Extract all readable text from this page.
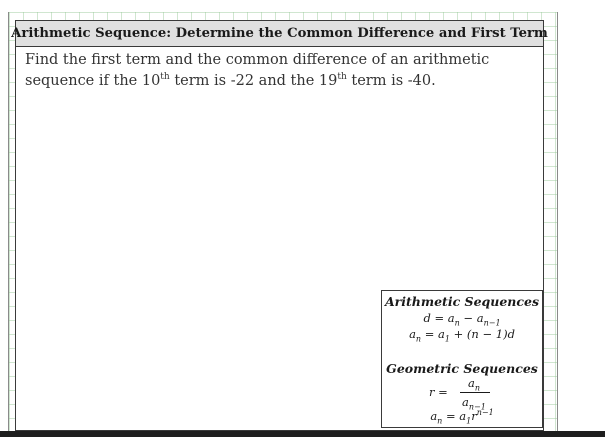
Arithmetic Sequence: Determine the Common Difference and First Term

Find the first term and the common difference of an arithmetic
sequence if the 10th term is -22 and the 19th term is -40.

Arithmetic Sequences
$d = a_n - a_{n-1}$
$a_n = a_1 + (n - 1)d$
Geometric Sequences
r =
$a_n$
$a_{n-1}$
$a_n = a_1r^{n-1}$
